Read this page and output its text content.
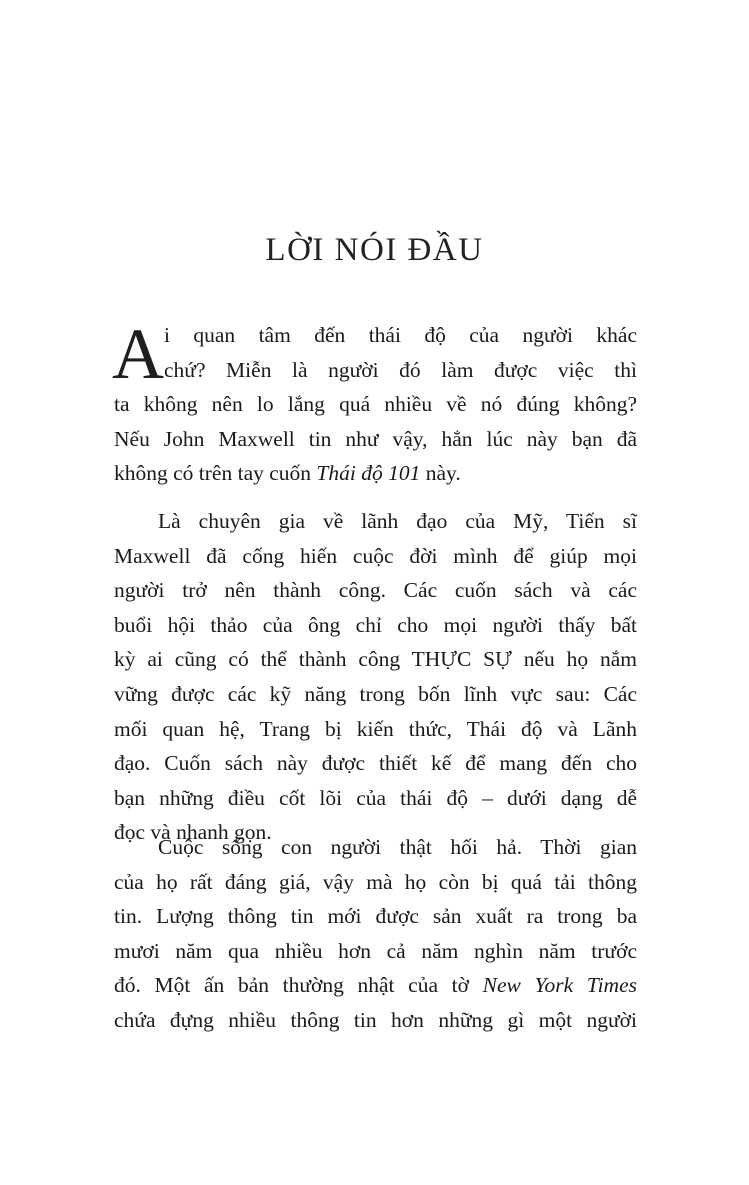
LỜI NÓI ĐẦU
A i quan tâm đến thái độ của người khác
chứ? Miễn là người đó làm được việc thì
ta không nên lo lắng quá nhiều về nó đúng không?
Nếu John Maxwell tin như vậy, hẳn lúc này bạn đã
không có trên tay cuốn Thái độ 101 này.
Là chuyên gia về lãnh đạo của Mỹ, Tiến sĩ
Maxwell đã cống hiến cuộc đời mình để giúp mọi
người trở nên thành công. Các cuốn sách và các
buổi hội thảo của ông chỉ cho mọi người thấy bất
kỳ ai cũng có thể thành công THỰC SỰ nếu họ nắm
vững được các kỹ năng trong bốn lĩnh vực sau: Các
mối quan hệ, Trang bị kiến thức, Thái độ và Lãnh
đạo. Cuốn sách này được thiết kế để mang đến cho
bạn những điều cốt lõi của thái độ – dưới dạng dễ
đọc và nhanh gọn.
Cuộc sống con người thật hối hả. Thời gian
của họ rất đáng giá, vậy mà họ còn bị quá tải thông
tin. Lượng thông tin mới được sản xuất ra trong ba
mươi năm qua nhiều hơn cả năm nghìn năm trước
đó. Một ấn bản thường nhật của tờ New York Times
chứa đựng nhiều thông tin hơn những gì một người
